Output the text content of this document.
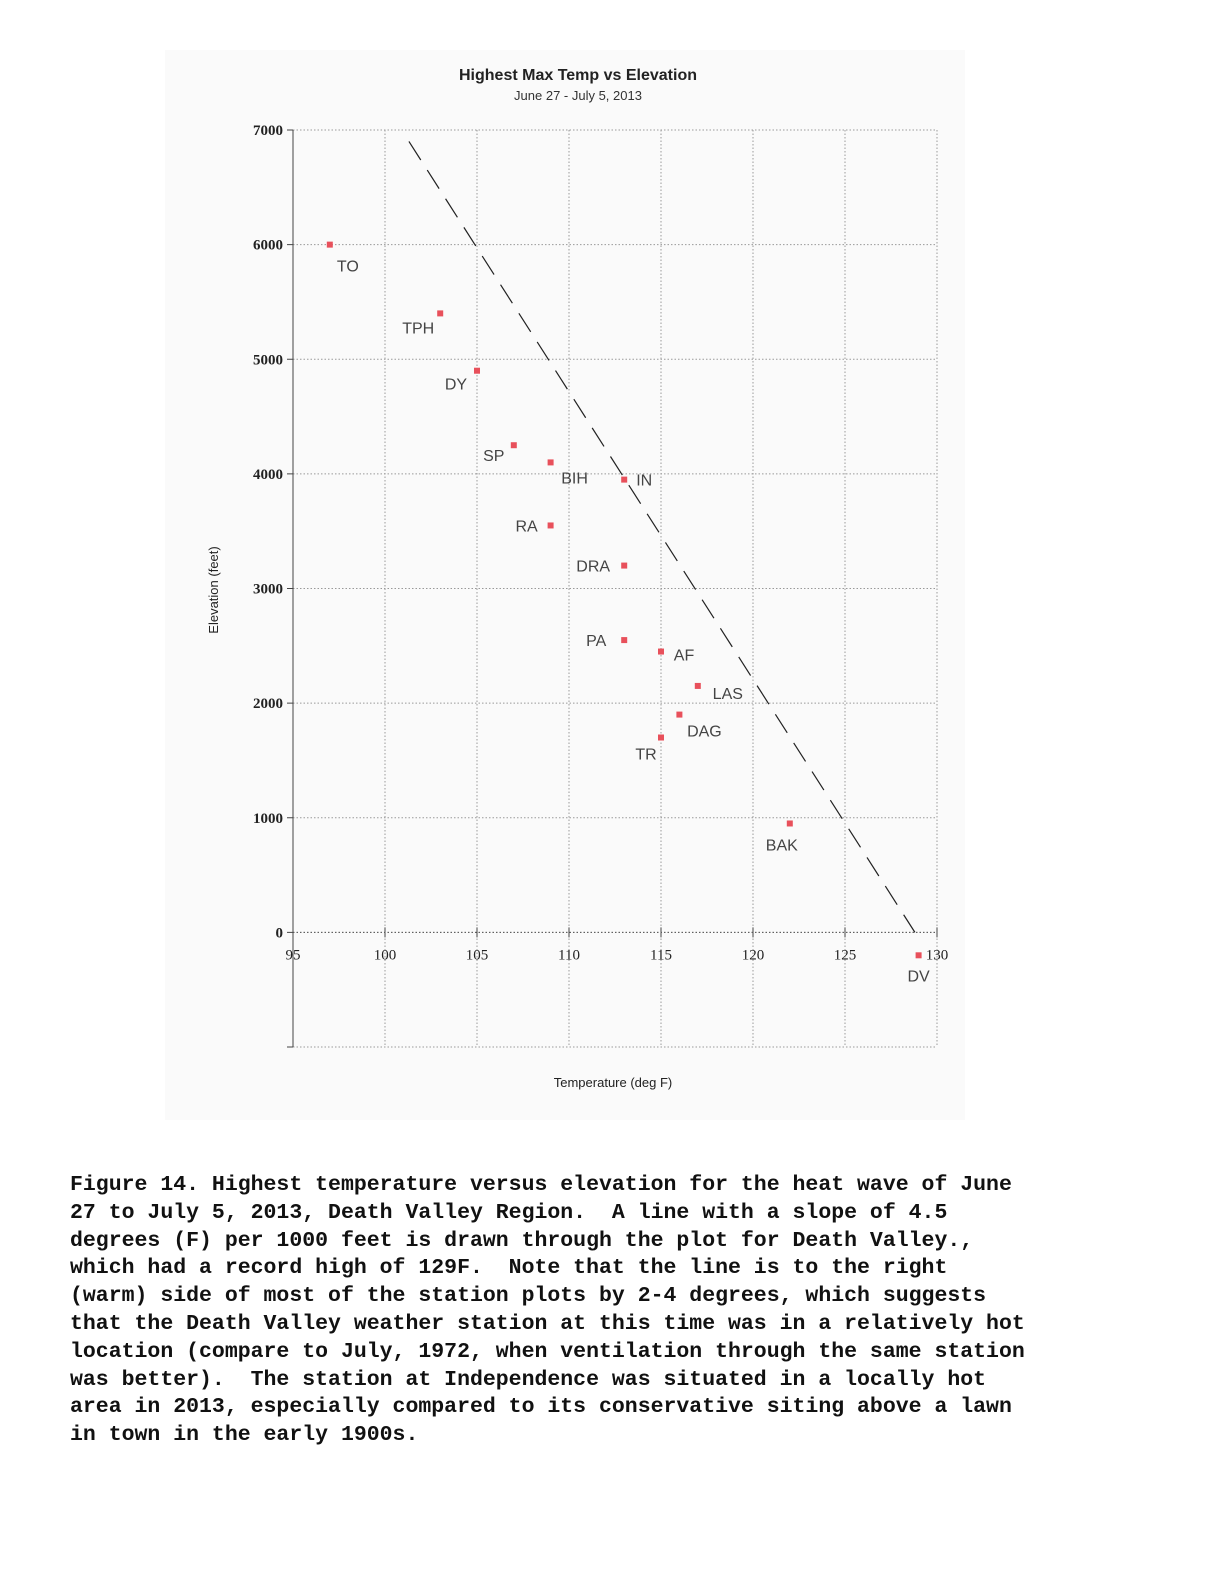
Highest Max Temp vs Elevation
June 27 - July 5, 2013
95	100	105	110	115	120	125	130
0
1000
2000
3000
4000
5000
6000
7000
TO
TPH
DY
SP
BIH	IN
RA
DRA
PA
AF
LAS
DAG
TR
BAK
DV
Elevation (feet)
Temperature (deg F)
Figure 14. Highest temperature versus elevation for the heat wave of June
27 to July 5, 2013, Death Valley Region.  A line with a slope of 4.5
degrees (F) per 1000 feet is drawn through the plot for Death Valley.,
which had a record high of 129F.  Note that the line is to the right
(warm) side of most of the station plots by 2-4 degrees, which suggests
that the Death Valley weather station at this time was in a relatively hot
location (compare to July, 1972, when ventilation through the same station
was better).  The station at Independence was situated in a locally hot
area in 2013, especially compared to its conservative siting above a lawn
in town in the early 1900s.
